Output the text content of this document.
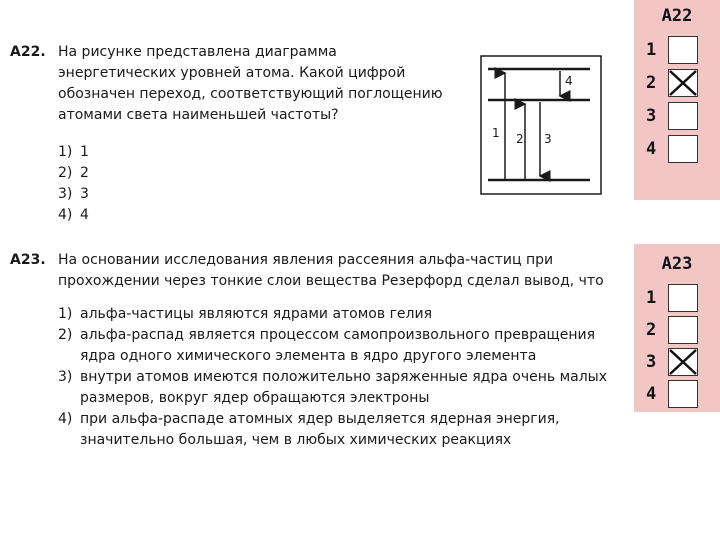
А22. На рисунке представлена диаграмма энергетических уровней атома. Какой цифрой обозначен переход, соответствующий поглощению атомами света наименьшей частоты?
1) 1
2) 2
3) 3
4) 4
1 2 3
4
А23. На основании исследования явления рассеяния альфа-частиц при прохождении через тонкие слои вещества Резерфорд сделал вывод, что
1) альфа-частицы являются ядрами атомов гелия
2) альфа-распад является процессом самопроизвольного превращения ядра одного химического элемента в ядро другого элемента
3) внутри атомов имеются положительно заряженные ядра очень малых размеров, вокруг ядер обращаются электроны
4) при альфа-распаде атомных ядер выделяется ядерная энергия, значительно большая, чем в любых химических реакциях
А22
1
2
3
4
А23
1
2
3
4
